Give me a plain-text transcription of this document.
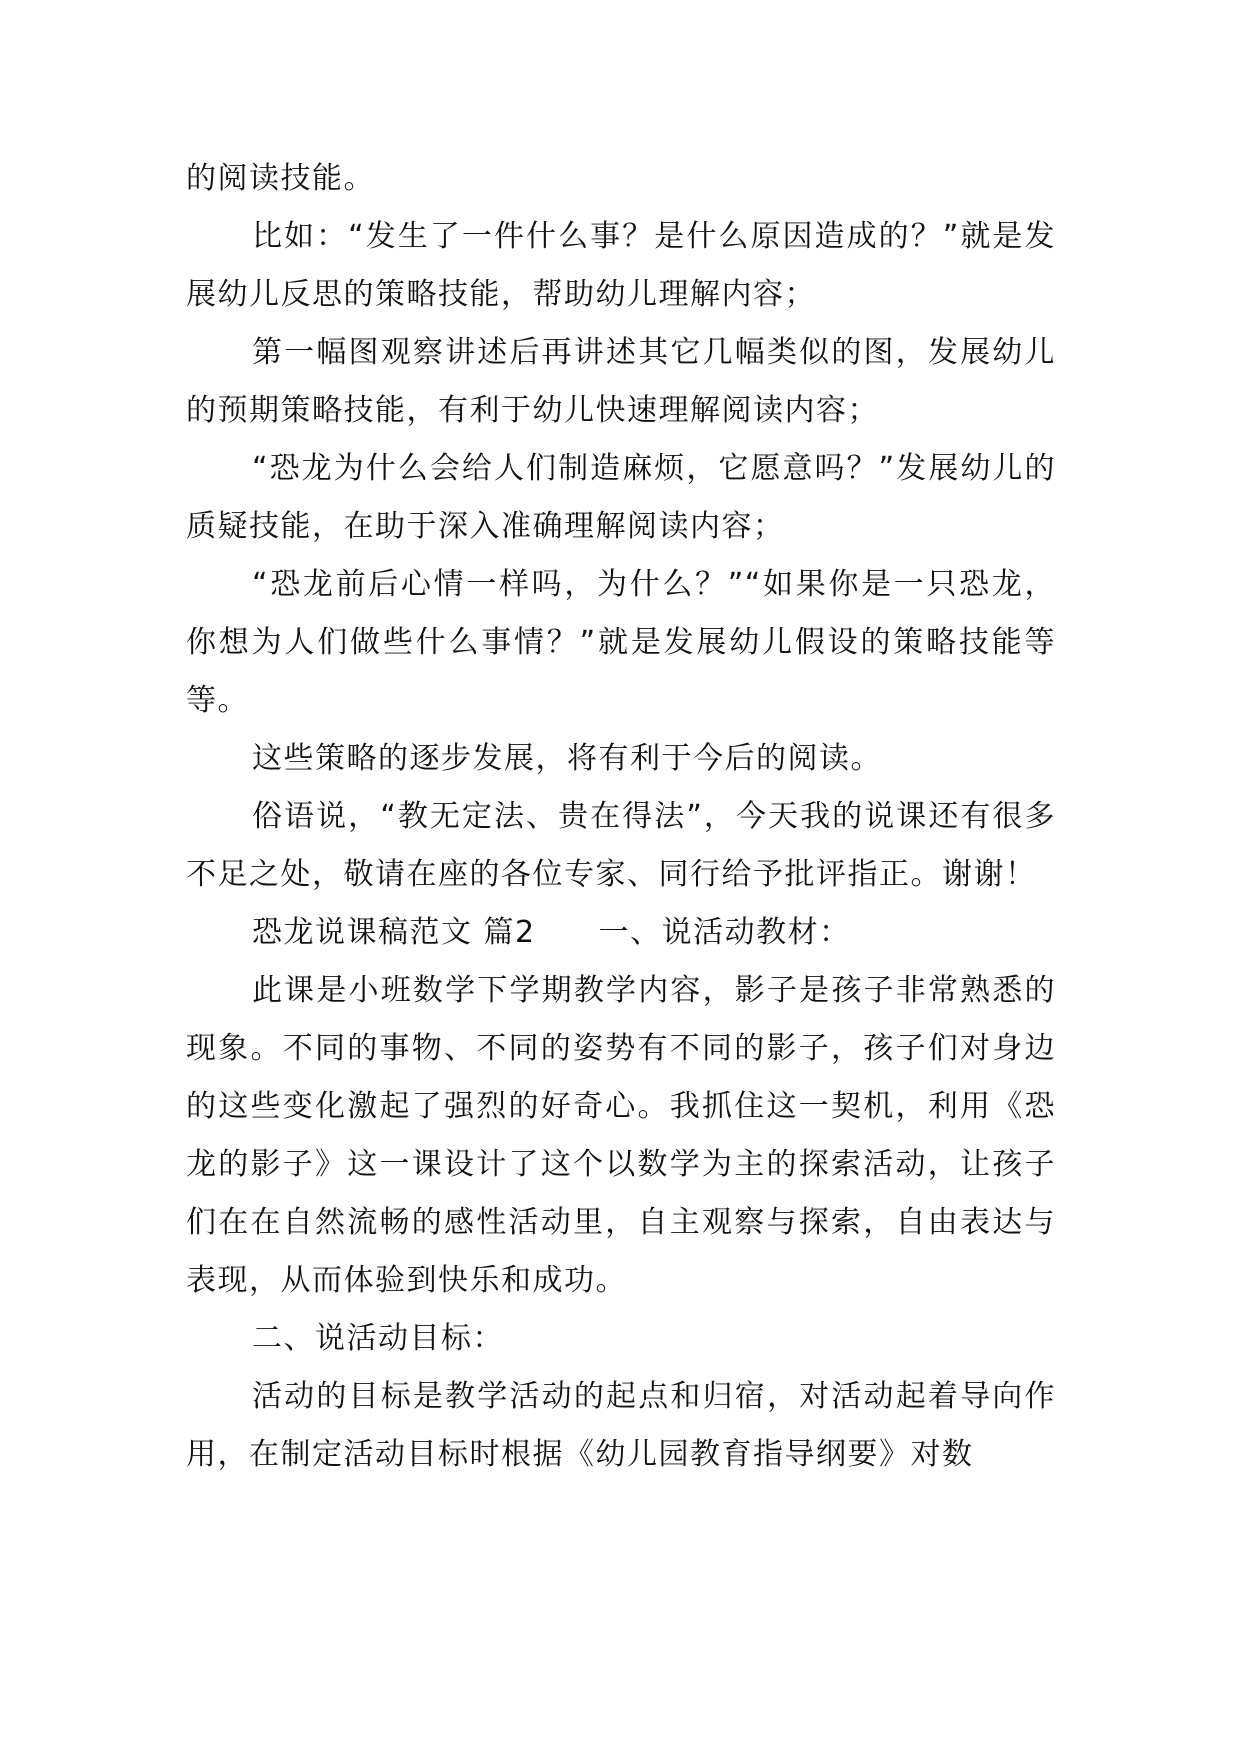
的阅读技能。

比如：“发生了一件什么事？是什么原因造成的？”就是发展幼儿反思的策略技能，帮助幼儿理解内容；

第一幅图观察讲述后再讲述其它几幅类似的图，发展幼儿的预期策略技能，有利于幼儿快速理解阅读内容；

“恐龙为什么会给人们制造麻烦，它愿意吗？”发展幼儿的质疑技能，在助于深入准确理解阅读内容；

“恐龙前后心情一样吗，为什么？”“如果你是一只恐龙，你想为人们做些什么事情？”就是发展幼儿假设的策略技能等等。

这些策略的逐步发展，将有利于今后的阅读。

俗语说，“教无定法、贵在得法”，今天我的说课还有很多不足之处，敬请在座的各位专家、同行给予批评指正。谢谢！

恐龙说课稿范文 篇2　　一、说活动教材：

此课是小班数学下学期教学内容，影子是孩子非常熟悉的现象。不同的事物、不同的姿势有不同的影子，孩子们对身边的这些变化激起了强烈的好奇心。我抓住这一契机，利用《恐龙的影子》这一课设计了这个以数学为主的探索活动，让孩子们在在自然流畅的感性活动里，自主观察与探索，自由表达与表现，从而体验到快乐和成功。

二、说活动目标：

活动的目标是教学活动的起点和归宿，对活动起着导向作用，在制定活动目标时根据《幼儿园教育指导纲要》对数
